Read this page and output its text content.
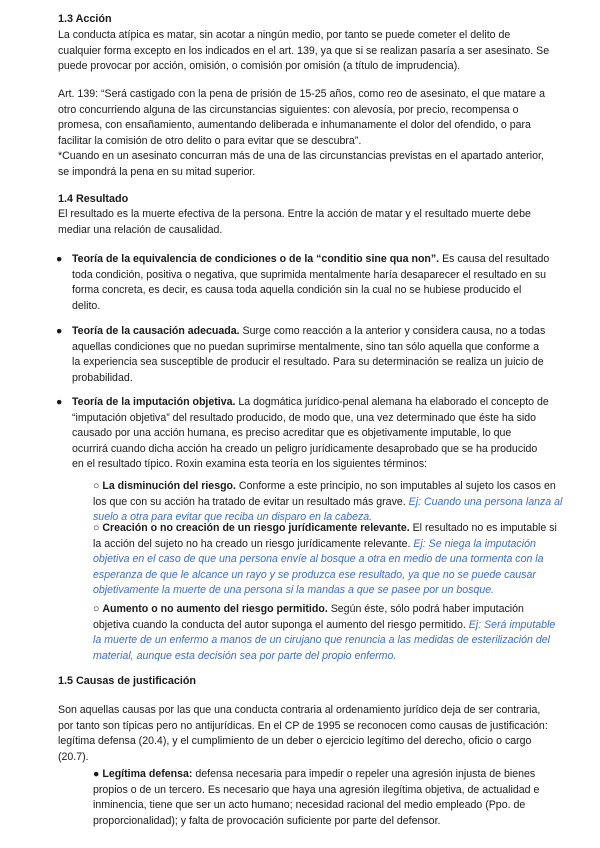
1.3 Acción

La conducta atípica es matar, sin acotar a ningún medio, por tanto se puede cometer el delito de cualquier forma excepto en los indicados en el art. 139, ya que si se realizan pasaría a ser asesinato. Se puede provocar por acción, omisión, o comisión por omisión (a título de imprudencia).

Art. 139: “Será castigado con la pena de prisión de 15-25 años, como reo de asesinato, el que matare a otro concurriendo alguna de las circunstancias siguientes: con alevosía, por precio, recompensa o promesa, con ensañamiento, aumentando deliberada e inhumanamente el dolor del ofendido, o para facilitar la comisión de otro delito o para evitar que se descubra”.

*Cuando en un asesinato concurran más de una de las circunstancias previstas en el apartado anterior, se impondrá la pena en su mitad superior.

1.4 Resultado

El resultado es la muerte efectiva de la persona. Entre la acción de matar y el resultado muerte debe mediar una relación de causalidad.

● Teoría de la equivalencia de condiciones o de la “conditio sine qua non”. Es causa del resultado toda condición, positiva o negativa, que suprimida mentalmente haría desaparecer el resultado en su forma concreta, es decir, es causa toda aquella condición sin la cual no se hubiese producido el delito.
● Teoría de la causación adecuada. Surge como reacción a la anterior y considera causa, no a todas aquellas condiciones que no puedan suprimirse mentalmente, sino tan sólo aquella que conforme a la experiencia sea susceptible de producir el resultado. Para su determinación se realiza un juicio de probabilidad.
● Teoría de la imputación objetiva. La dogmática jurídico-penal alemana ha elaborado el concepto de “imputación objetiva” del resultado producido, de modo que, una vez determinado que éste ha sido causado por una acción humana, es preciso acreditar que es objetivamente imputable, lo que ocurrirá cuando dicha acción ha creado un peligro jurídicamente desaprobado que se ha producido en el resultado típico. Roxin examina esta teoría en los siguientes términos:
○ La disminución del riesgo. Conforme a este principio, no son imputables al sujeto los casos en los que con su acción ha tratado de evitar un resultado más grave. Ej: Cuando una persona lanza al suelo a otra para evitar que reciba un disparo en la cabeza.
○ Creación o no creación de un riesgo jurídicamente relevante. El resultado no es imputable si la acción del sujeto no ha creado un riesgo jurídicamente relevante. Ej: Se niega la imputación objetiva en el caso de que una persona envíe al bosque a otra en medio de una tormenta con la esperanza de que le alcance un rayo y se produzca ese resultado, ya que no se puede causar objetivamente la muerte de una persona si la mandas a que se pasee por un bosque.
○ Aumento o no aumento del riesgo permitido. Según éste, sólo podrá haber imputación objetiva cuando la conducta del autor suponga el aumento del riesgo permitido. Ej: Será imputable la muerte de un enfermo a manos de un cirujano que renuncia a las medidas de esterilización del material, aunque esta decisión sea por parte del propio enfermo.
1.5 Causas de justificación

Son aquellas causas por las que una conducta contraria al ordenamiento jurídico deja de ser contraria, por tanto son típicas pero no antijurídicas. En el CP de 1995 se reconocen como causas de justificación: legítima defensa (20.4), y el cumplimiento de un deber o ejercicio legítimo del derecho, oficio o cargo (20.7).

● Legítima defensa: defensa necesaria para impedir o repeler una agresión injusta de bienes propios o de un tercero. Es necesario que haya una agresión ilegítima objetiva, de actualidad e inminencia, tiene que ser un acto humano; necesidad racional del medio empleado (Ppo. de proporcionalidad); y falta de provocación suficiente por parte del defensor.
